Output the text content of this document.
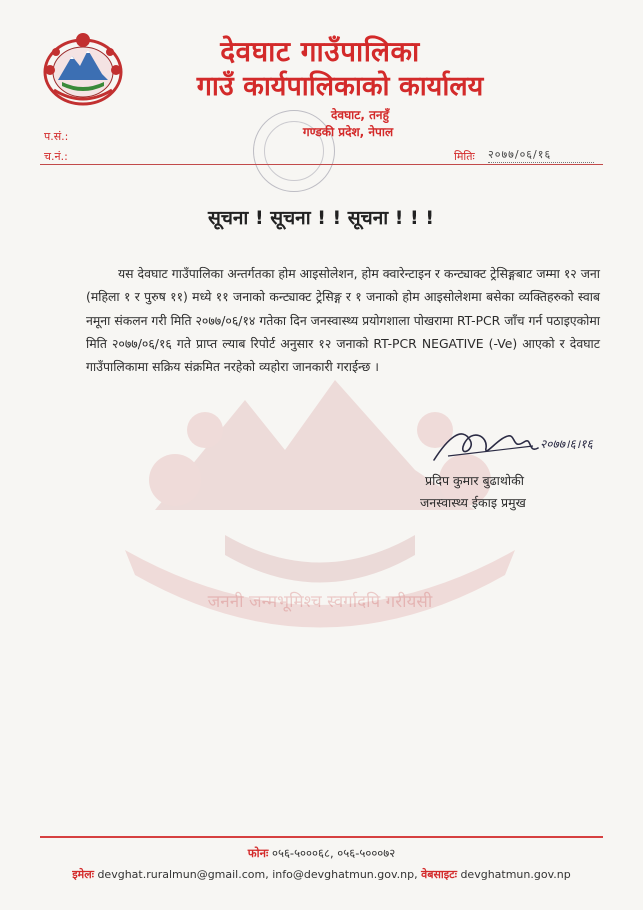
देवघाट गाउँपालिका
गाउँ कार्यपालिकाको कार्यालय
देवघाट, तनहुँ
गण्डकी प्रदेश, नेपाल
प.सं.:
च.नं.:	मितिः २०७७/०६/१६
जननी जन्मभूमिश्च स्वर्गादपि गरीयसी
सूचना ! सूचना ! ! सूचना ! ! !
यस देवघाट गाउँपालिका अन्तर्गतका होम आइसोलेशन, होम क्वारेन्टाइन र कन्ट्याक्ट ट्रेसिङ्गबाट जम्मा १२ जना (महिला १ र पुरुष ११) मध्ये ११ जनाको कन्ट्याक्ट ट्रेसिङ्ग र १ जनाको होम आइसोलेशमा बसेका व्यक्तिहरुको स्वाब नमूना संकलन गरी मिति २०७७/०६/१४ गतेका दिन जनस्वास्थ्य प्रयोगशाला पोखरामा RT-PCR जाँच गर्न पठाइएकोमा मिति २०७७/०६/१६ गते प्राप्त ल्याब रिपोर्ट अनुसार १२ जनाको RT-PCR NEGATIVE (-Ve) आएको र देवघाट गाउँपालिकामा सक्रिय संक्रमित नरहेको व्यहोरा जानकारी गराईन्छ ।
२०७७।६।१६
प्रदिप कुमार बुढाथोकी
जनस्वास्थ्य ईकाइ प्रमुख
फोनः ०५६-५०००६८, ०५६-५०००७२
इमेलः devghat.ruralmun@gmail.com, info@devghatmun.gov.np, वेबसाइटः devghatmun.gov.np
